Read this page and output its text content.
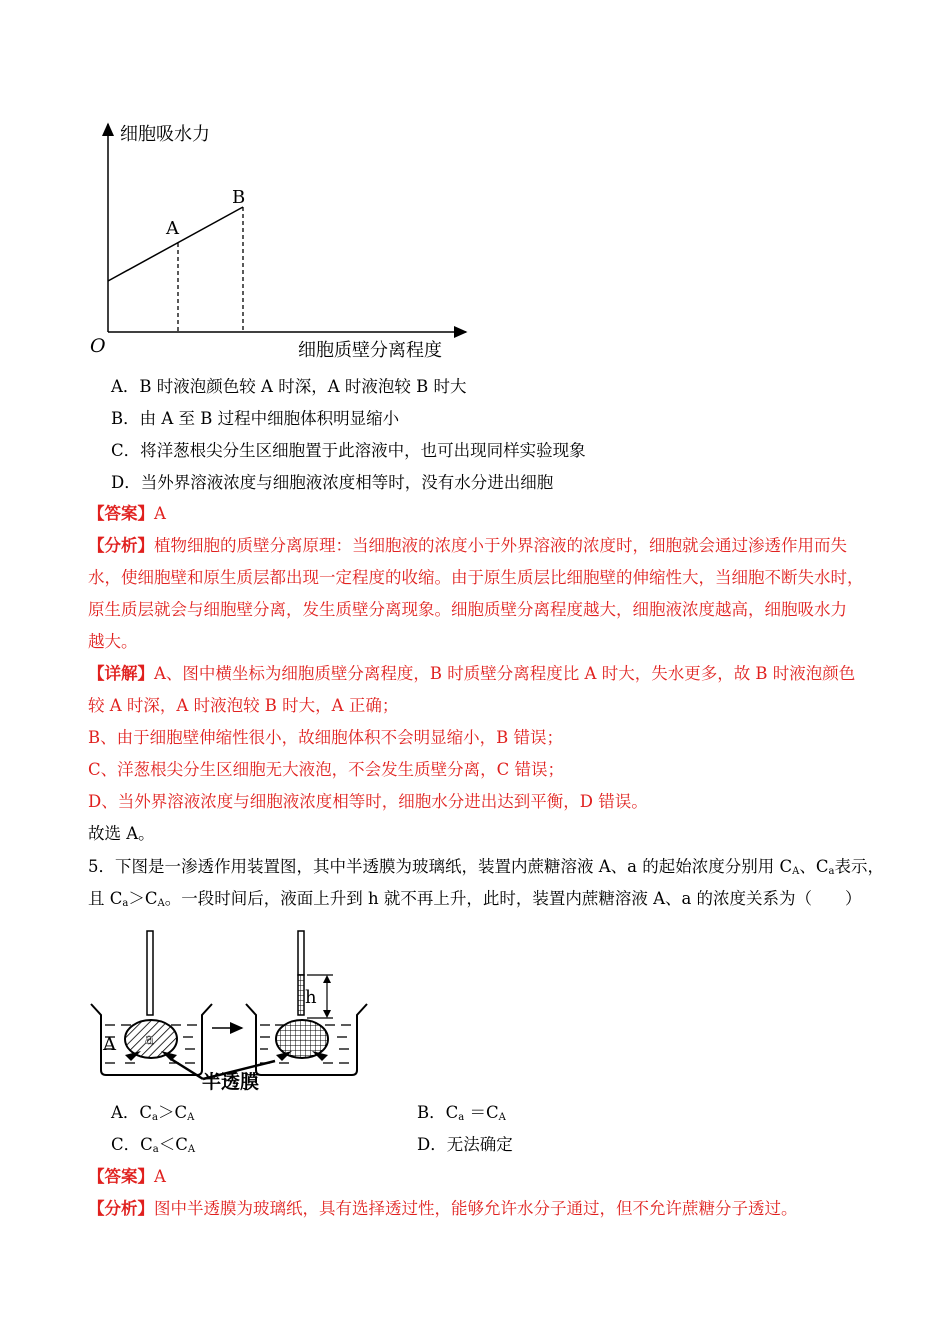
细胞吸水力
细胞质壁分离程度
O
A
B
A．B 时液泡颜色较 A 时深，A 时液泡较 B 时大
B．由 A 至 B 过程中细胞体积明显缩小
C．将洋葱根尖分生区细胞置于此溶液中，也可出现同样实验现象
D．当外界溶液浓度与细胞液浓度相等时，没有水分进出细胞
【答案】A
【分析】植物细胞的质壁分离原理：当细胞液的浓度小于外界溶液的浓度时，细胞就会通过渗透作用而失
水，使细胞壁和原生质层都出现一定程度的收缩。由于原生质层比细胞壁的伸缩性大，当细胞不断失水时，
原生质层就会与细胞壁分离，发生质壁分离现象。细胞质壁分离程度越大，细胞液浓度越高，细胞吸水力
越大。
【详解】A、图中横坐标为细胞质壁分离程度，B 时质壁分离程度比 A 时大，失水更多，故 B 时液泡颜色
较 A 时深，A 时液泡较 B 时大，A 正确；
B、由于细胞壁伸缩性很小，故细胞体积不会明显缩小，B 错误；
C、洋葱根尖分生区细胞无大液泡，不会发生质壁分离，C 错误；
D、当外界溶液浓度与细胞液浓度相等时，细胞水分进出达到平衡，D 错误。
故选 A。
5．下图是一渗透作用装置图，其中半透膜为玻璃纸，装置内蔗糖溶液 A、a 的起始浓度分别用 $C_A$、$C_a$表示，
且 $C_a>C_A$。一段时间后，液面上升到 h 就不再上升，此时，装置内蔗糖溶液 A、a 的浓度关系为（　　）
A a
h
半透膜
A．$C_a>C_A$	B．$C_a =C_A$
C．$C_a<C_A$	D．无法确定
【答案】A
【分析】图中半透膜为玻璃纸，具有选择透过性，能够允许水分子通过，但不允许蔗糖分子透过。
